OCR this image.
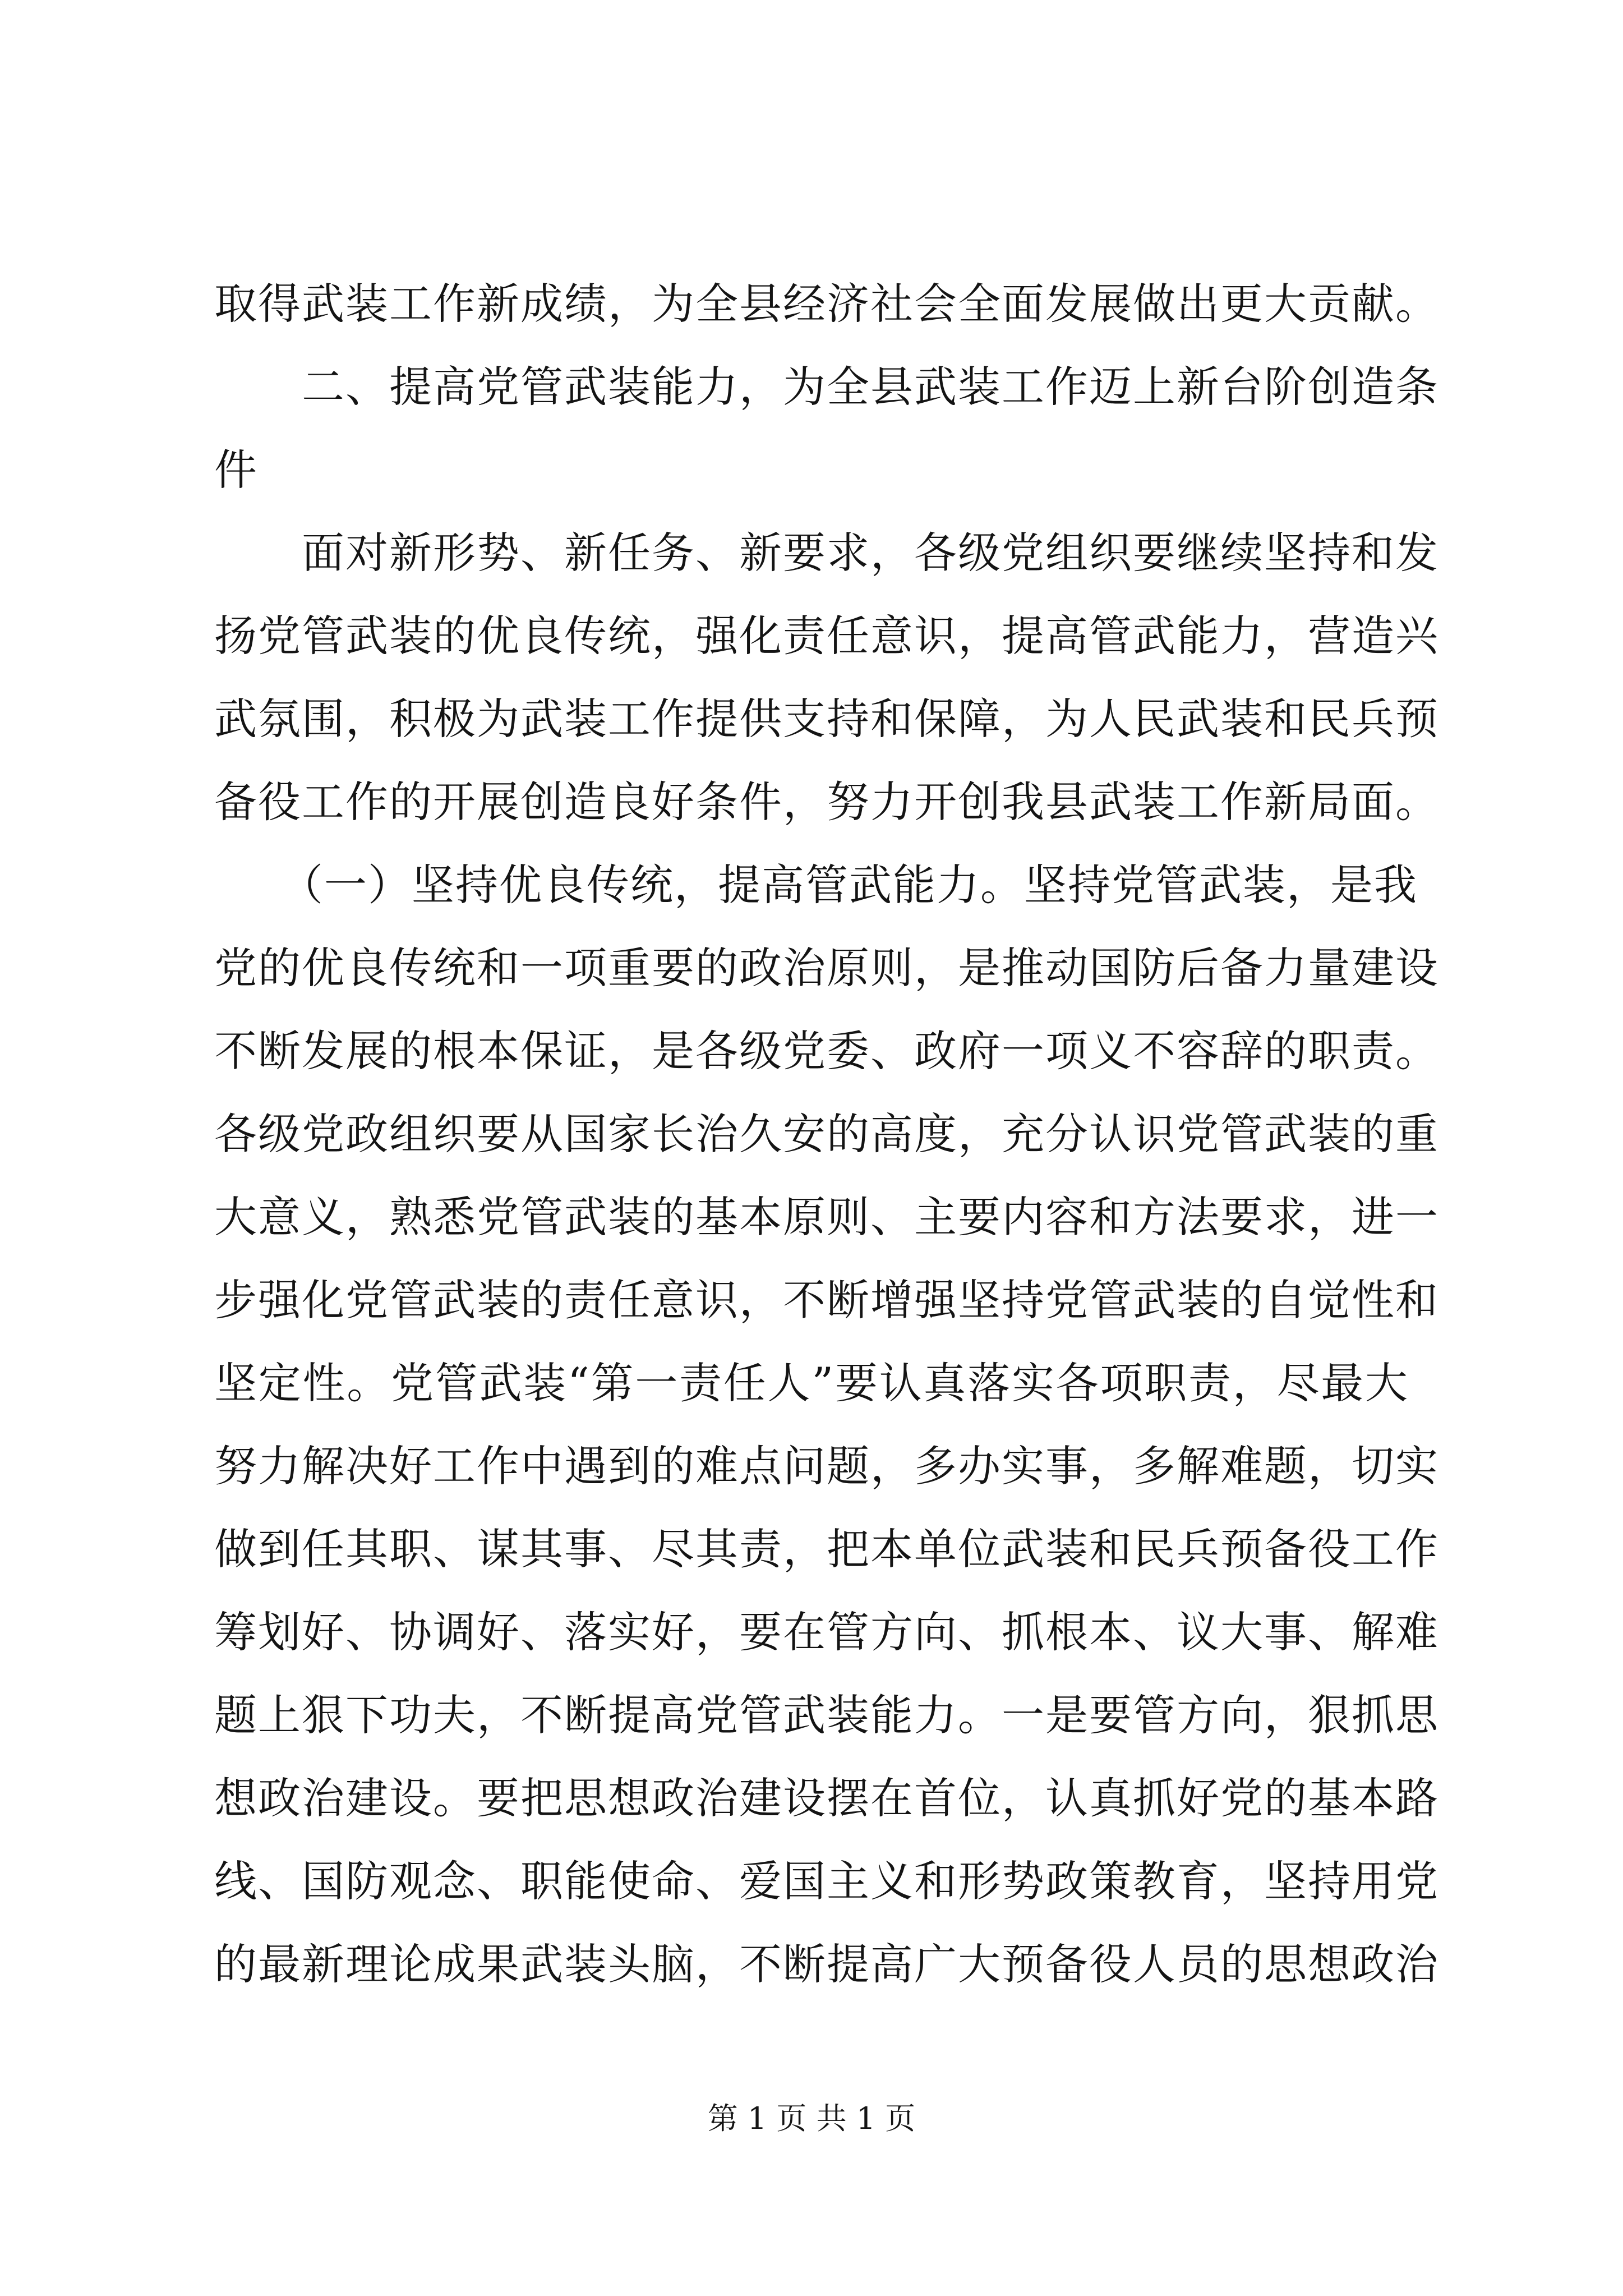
取得武装工作新成绩，为全县经济社会全面发展做出更大贡献。
　　二、提高党管武装能力，为全县武装工作迈上新台阶创造条
件
　　面对新形势、新任务、新要求，各级党组织要继续坚持和发
扬党管武装的优良传统，强化责任意识，提高管武能力，营造兴
武氛围，积极为武装工作提供支持和保障，为人民武装和民兵预
备役工作的开展创造良好条件，努力开创我县武装工作新局面。
　　（一）坚持优良传统，提高管武能力。坚持党管武装，是我
党的优良传统和一项重要的政治原则，是推动国防后备力量建设
不断发展的根本保证，是各级党委、政府一项义不容辞的职责。
各级党政组织要从国家长治久安的高度，充分认识党管武装的重
大意义，熟悉党管武装的基本原则、主要内容和方法要求，进一
步强化党管武装的责任意识，不断增强坚持党管武装的自觉性和
坚定性。党管武装“第一责任人”要认真落实各项职责，尽最大
努力解决好工作中遇到的难点问题，多办实事，多解难题，切实
做到任其职、谋其事、尽其责，把本单位武装和民兵预备役工作
筹划好、协调好、落实好，要在管方向、抓根本、议大事、解难
题上狠下功夫，不断提高党管武装能力。一是要管方向，狠抓思
想政治建设。要把思想政治建设摆在首位，认真抓好党的基本路
线、国防观念、职能使命、爱国主义和形势政策教育，坚持用党
的最新理论成果武装头脑，不断提高广大预备役人员的思想政治
第 1 页 共 1 页
